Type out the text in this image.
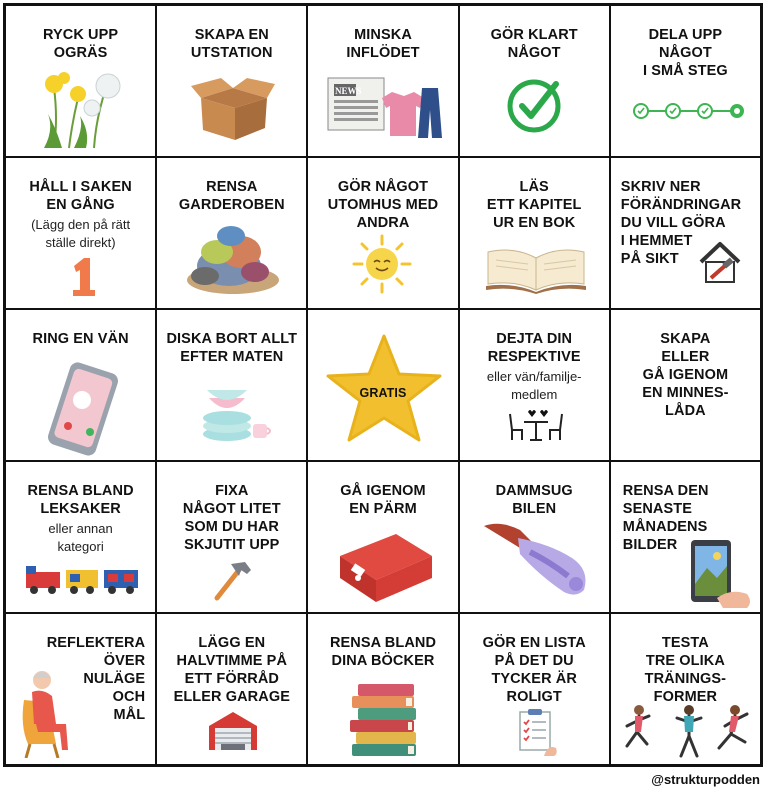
RYCK UPP
OGRÄS
SKAPA EN
UTSTATION
MINSKA
INFLÖDET
NEWS
GÖR KLART
NÅGOT
DELA UPP
NÅGOT
I SMÅ STEG
HÅLL I SAKEN
EN GÅNG
(Lägg den på rätt
ställe direkt)
RENSA
GARDEROBEN
GÖR NÅGOT
UTOMHUS MED
ANDRA
LÄS
ETT KAPITEL
UR EN BOK
SKRIV NER
FÖRÄNDRINGAR
DU VILL GÖRA
I HEMMET
PÅ SIKT
RING EN VÄN	DISKA BORT ALLT
EFTER MATEN
GRATIS
DEJTA DIN
RESPEKTIVE
eller vän/familje-
medlem
SKAPA
ELLER
GÅ IGENOM
EN MINNES-
LÅDA
RENSA BLAND
LEKSAKER
eller annan
kategori
FIXA
NÅGOT LITET
SOM DU HAR
SKJUTIT UPP
GÅ IGENOM
EN PÄRM
DAMMSUG
BILEN
RENSA DEN
SENASTE
MÅNADENS
BILDER
REFLEKTERA
ÖVER
NULÄGE
OCH
MÅL
LÄGG EN
HALVTIMME PÅ
ETT FÖRRÅD
ELLER GARAGE
RENSA BLAND
DINA BÖCKER
GÖR EN LISTA
PÅ DET DU
TYCKER ÄR
ROLIGT
TESTA
TRE OLIKA
TRÄNINGS-
FORMER
@strukturpodden
